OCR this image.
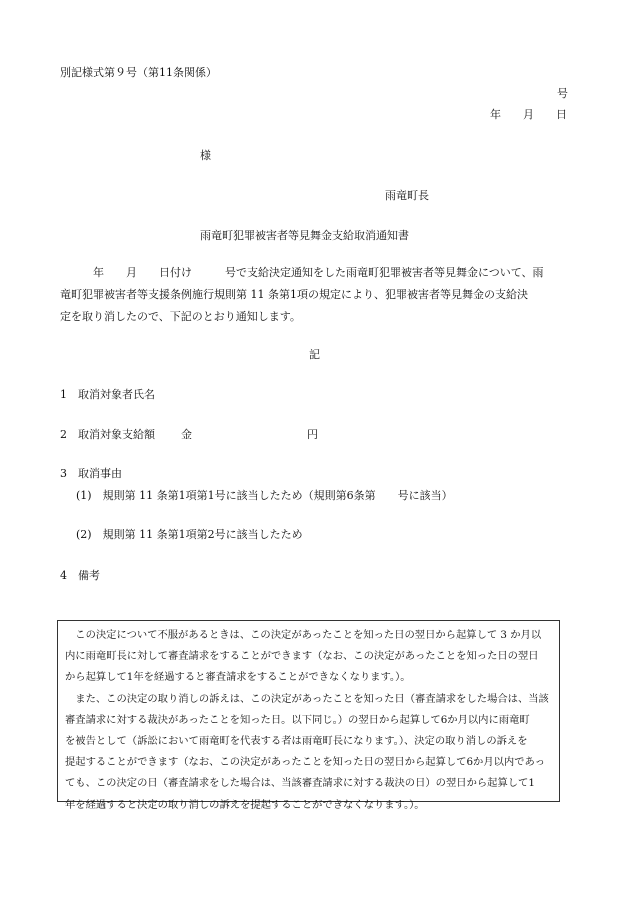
別記様式第９号（第11条関係）
号
年　　月　　日
様
雨竜町長
雨竜町犯罪被害者等見舞金支給取消通知書
　　　年　　月　　日付け　　　号で支給決定通知をした雨竜町犯罪被害者等見舞金について、雨
竜町犯罪被害者等支援条例施行規則第 11 条第1項の規定により、犯罪被害者等見舞金の支給決
定を取り消したので、下記のとおり通知します。
記
1　取消対象者氏名
2　取消対象支給額 金	円
3　取消事由
(1)　規則第 11 条第1項第1号に該当したため（規則第6条第　　号に該当）
(2)　規則第 11 条第1項第2号に該当したため
4　備考
　この決定について不服があるときは、この決定があったことを知った日の翌日から起算して 3 か月以
内に雨竜町長に対して審査請求をすることができます（なお、この決定があったことを知った日の翌日
から起算して1年を経過すると審査請求をすることができなくなります。）。
　また、この決定の取り消しの訴えは、この決定があったことを知った日（審査請求をした場合は、当該
審査請求に対する裁決があったことを知った日。以下同じ。）の翌日から起算して6か月以内に雨竜町
を被告として（訴訟において雨竜町を代表する者は雨竜町長になります。）、決定の取り消しの訴えを
提起することができます（なお、この決定があったことを知った日の翌日から起算して6か月以内であっ
ても、この決定の日（審査請求をした場合は、当該審査請求に対する裁決の日）の翌日から起算して1
年を経過すると決定の取り消しの訴えを提起することができなくなります。）。
